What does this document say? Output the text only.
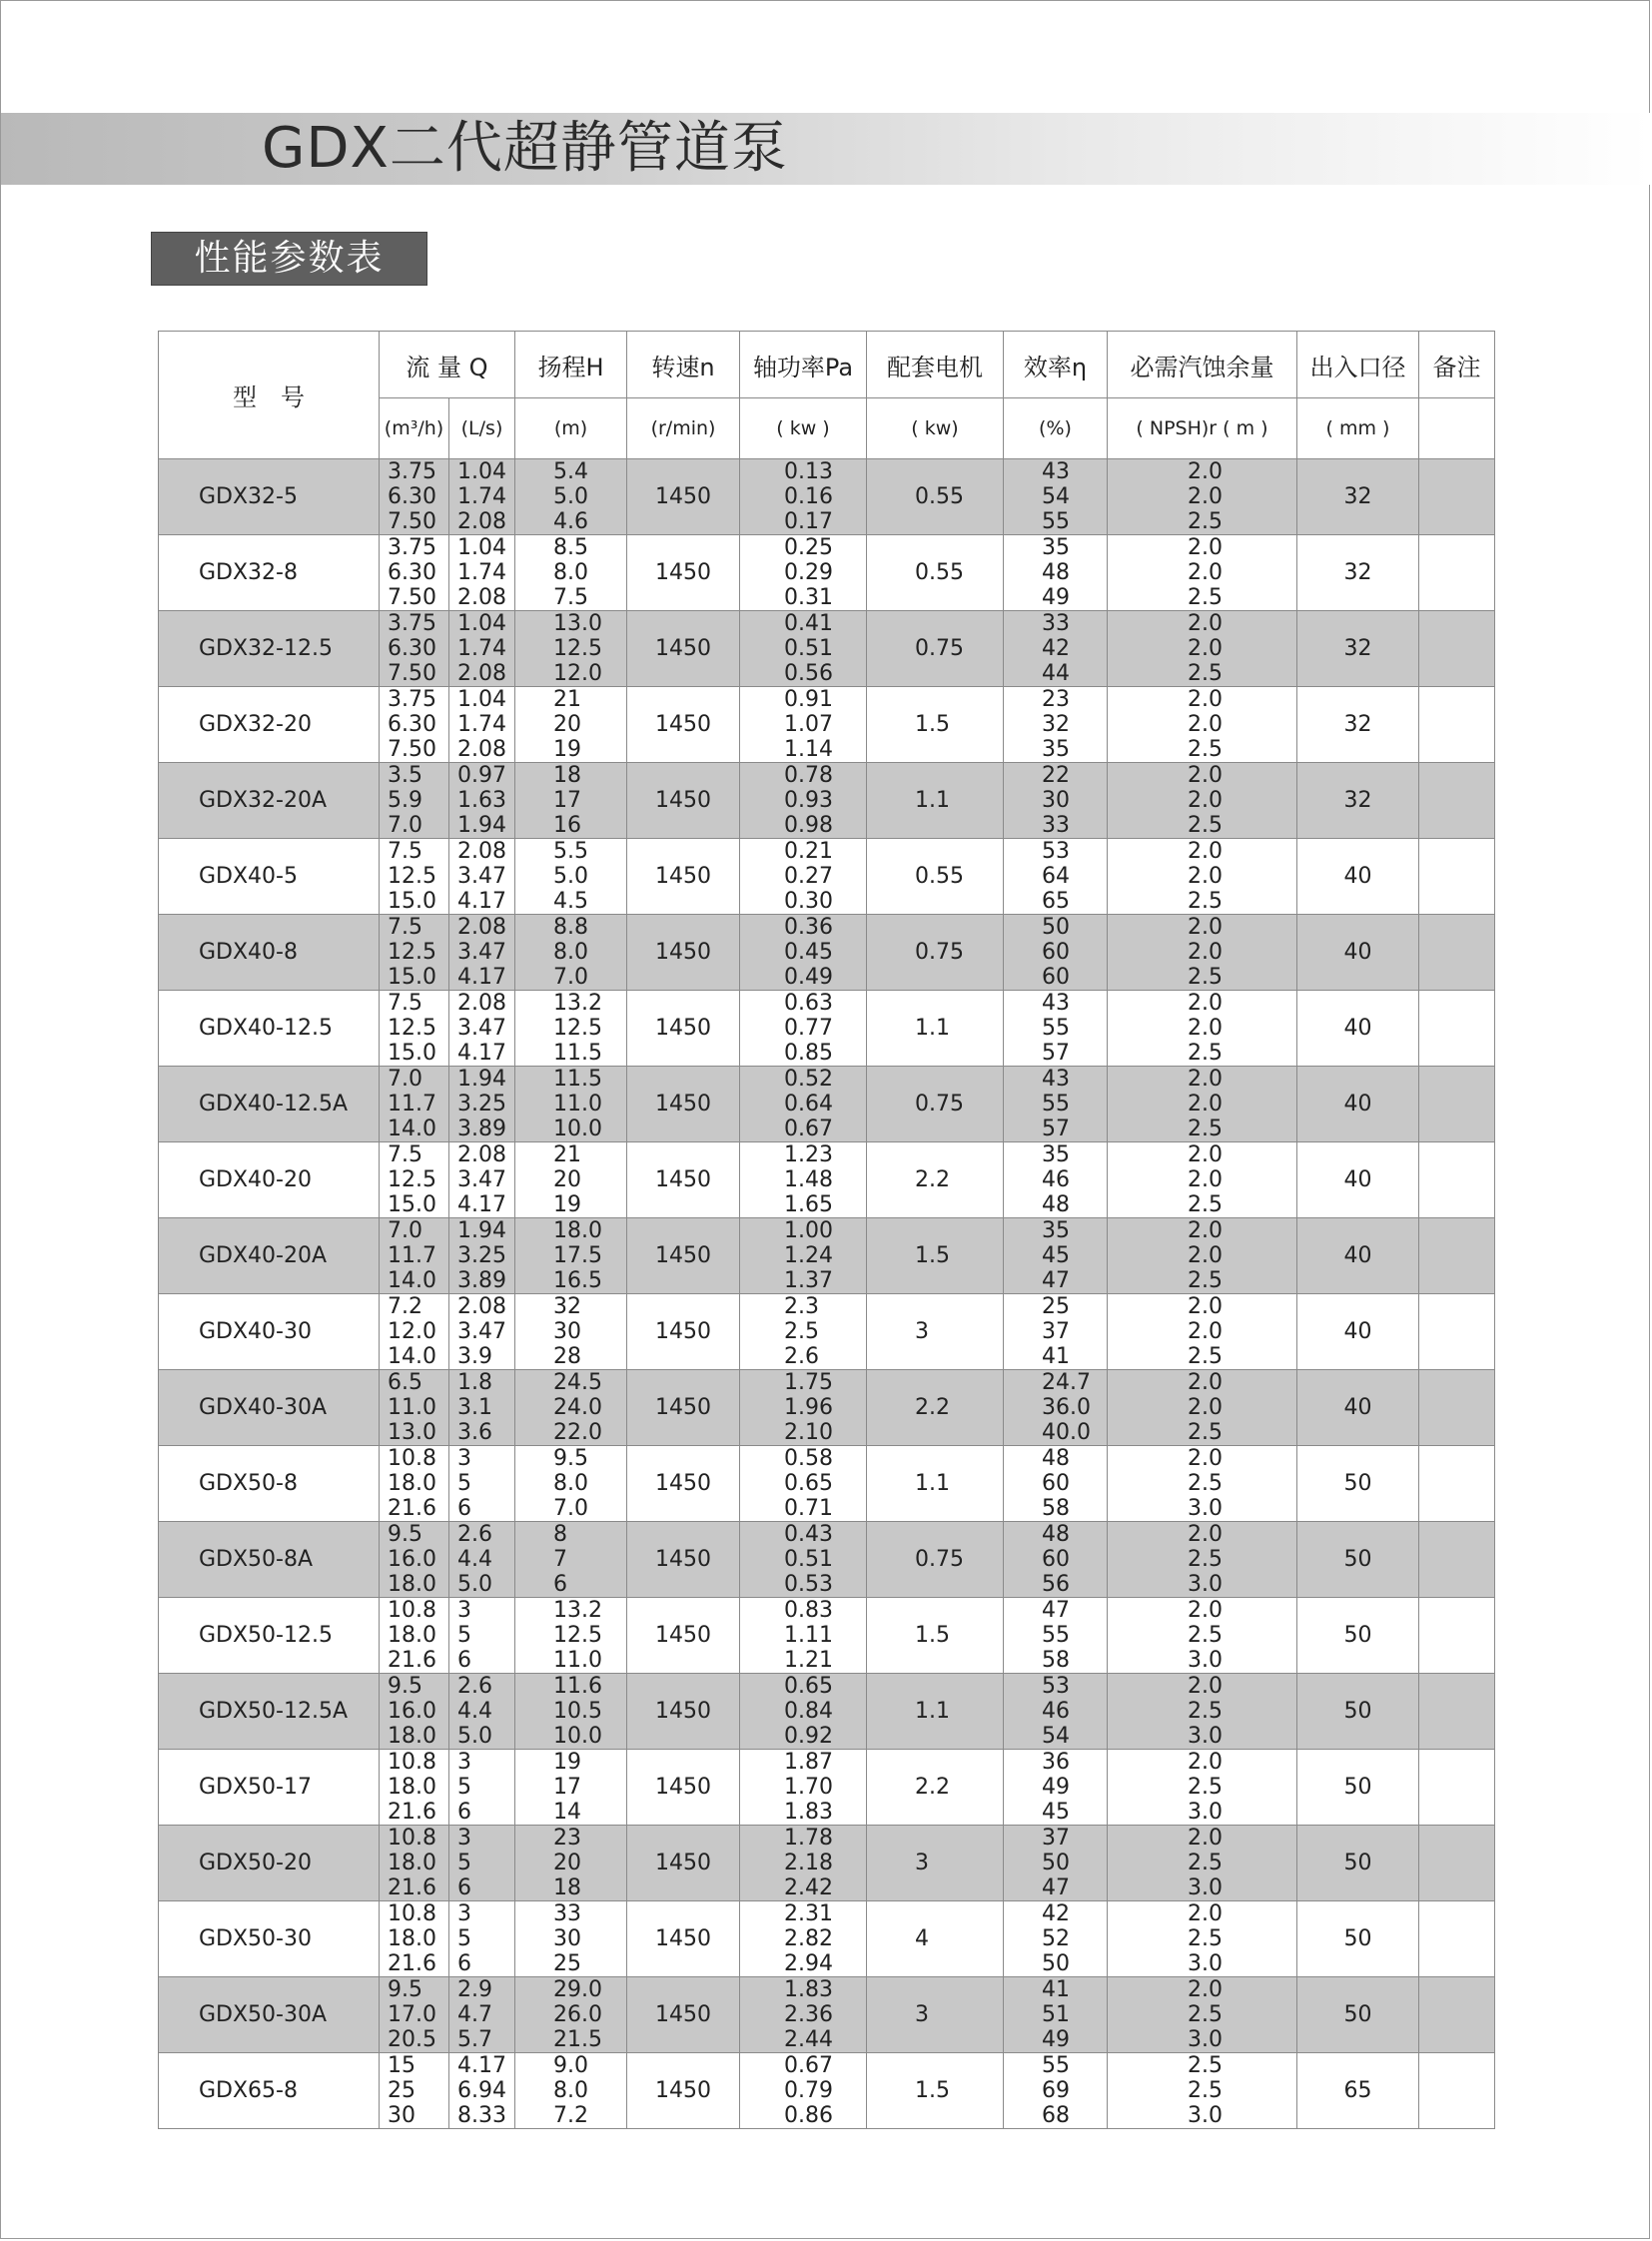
GDX二代超静管道泵
性能参数表
型　号	流 量 Q		扬程H	转速n	轴功率Pa	配套电机	效率η	必需汽蚀余量	出入口径	备注
	(m³/h)	(L/s)	(m)	(r/min)	( kw )	( kw)	(%)	( NPSH)r ( m )	( mm )	
GDX32-5	3.75
6.30
7.50	1.04
1.74
2.08	5.4
5.0
4.6	1450	0.13
0.16
0.17	0.55	43
54
55	2.0
2.0
2.5	32	
GDX32-8	3.75
6.30
7.50	1.04
1.74
2.08	8.5
8.0
7.5	1450	0.25
0.29
0.31	0.55	35
48
49	2.0
2.0
2.5	32	
GDX32-12.5	3.75
6.30
7.50	1.04
1.74
2.08	13.0
12.5
12.0	1450	0.41
0.51
0.56	0.75	33
42
44	2.0
2.0
2.5	32	
GDX32-20	3.75
6.30
7.50	1.04
1.74
2.08	21
20
19	1450	0.91
1.07
1.14	1.5	23
32
35	2.0
2.0
2.5	32	
GDX32-20A	3.5
5.9
7.0	0.97
1.63
1.94	18
17
16	1450	0.78
0.93
0.98	1.1	22
30
33	2.0
2.0
2.5	32	
GDX40-5	7.5
12.5
15.0	2.08
3.47
4.17	5.5
5.0
4.5	1450	0.21
0.27
0.30	0.55	53
64
65	2.0
2.0
2.5	40	
GDX40-8	7.5
12.5
15.0	2.08
3.47
4.17	8.8
8.0
7.0	1450	0.36
0.45
0.49	0.75	50
60
60	2.0
2.0
2.5	40	
GDX40-12.5	7.5
12.5
15.0	2.08
3.47
4.17	13.2
12.5
11.5	1450	0.63
0.77
0.85	1.1	43
55
57	2.0
2.0
2.5	40	
GDX40-12.5A	7.0
11.7
14.0	1.94
3.25
3.89	11.5
11.0
10.0	1450	0.52
0.64
0.67	0.75	43
55
57	2.0
2.0
2.5	40	
GDX40-20	7.5
12.5
15.0	2.08
3.47
4.17	21
20
19	1450	1.23
1.48
1.65	2.2	35
46
48	2.0
2.0
2.5	40	
GDX40-20A	7.0
11.7
14.0	1.94
3.25
3.89	18.0
17.5
16.5	1450	1.00
1.24
1.37	1.5	35
45
47	2.0
2.0
2.5	40	
GDX40-30	7.2
12.0
14.0	2.08
3.47
3.9	32
30
28	1450	2.3
2.5
2.6	3	25
37
41	2.0
2.0
2.5	40	
GDX40-30A	6.5
11.0
13.0	1.8
3.1
3.6	24.5
24.0
22.0	1450	1.75
1.96
2.10	2.2	24.7
36.0
40.0	2.0
2.0
2.5	40	
GDX50-8	10.8
18.0
21.6	3
5
6	9.5
8.0
7.0	1450	0.58
0.65
0.71	1.1	48
60
58	2.0
2.5
3.0	50	
GDX50-8A	9.5
16.0
18.0	2.6
4.4
5.0	8
7
6	1450	0.43
0.51
0.53	0.75	48
60
56	2.0
2.5
3.0	50	
GDX50-12.5	10.8
18.0
21.6	3
5
6	13.2
12.5
11.0	1450	0.83
1.11
1.21	1.5	47
55
58	2.0
2.5
3.0	50	
GDX50-12.5A	9.5
16.0
18.0	2.6
4.4
5.0	11.6
10.5
10.0	1450	0.65
0.84
0.92	1.1	53
46
54	2.0
2.5
3.0	50	
GDX50-17	10.8
18.0
21.6	3
5
6	19
17
14	1450	1.87
1.70
1.83	2.2	36
49
45	2.0
2.5
3.0	50	
GDX50-20	10.8
18.0
21.6	3
5
6	23
20
18	1450	1.78
2.18
2.42	3	37
50
47	2.0
2.5
3.0	50	
GDX50-30	10.8
18.0
21.6	3
5
6	33
30
25	1450	2.31
2.82
2.94	4	42
52
50	2.0
2.5
3.0	50	
GDX50-30A	9.5
17.0
20.5	2.9
4.7
5.7	29.0
26.0
21.5	1450	1.83
2.36
2.44	3	41
51
49	2.0
2.5
3.0	50	
GDX65-8	15
25
30	4.17
6.94
8.33	9.0
8.0
7.2	1450	0.67
0.79
0.86	1.5	55
69
68	2.5
2.5
3.0	65	
